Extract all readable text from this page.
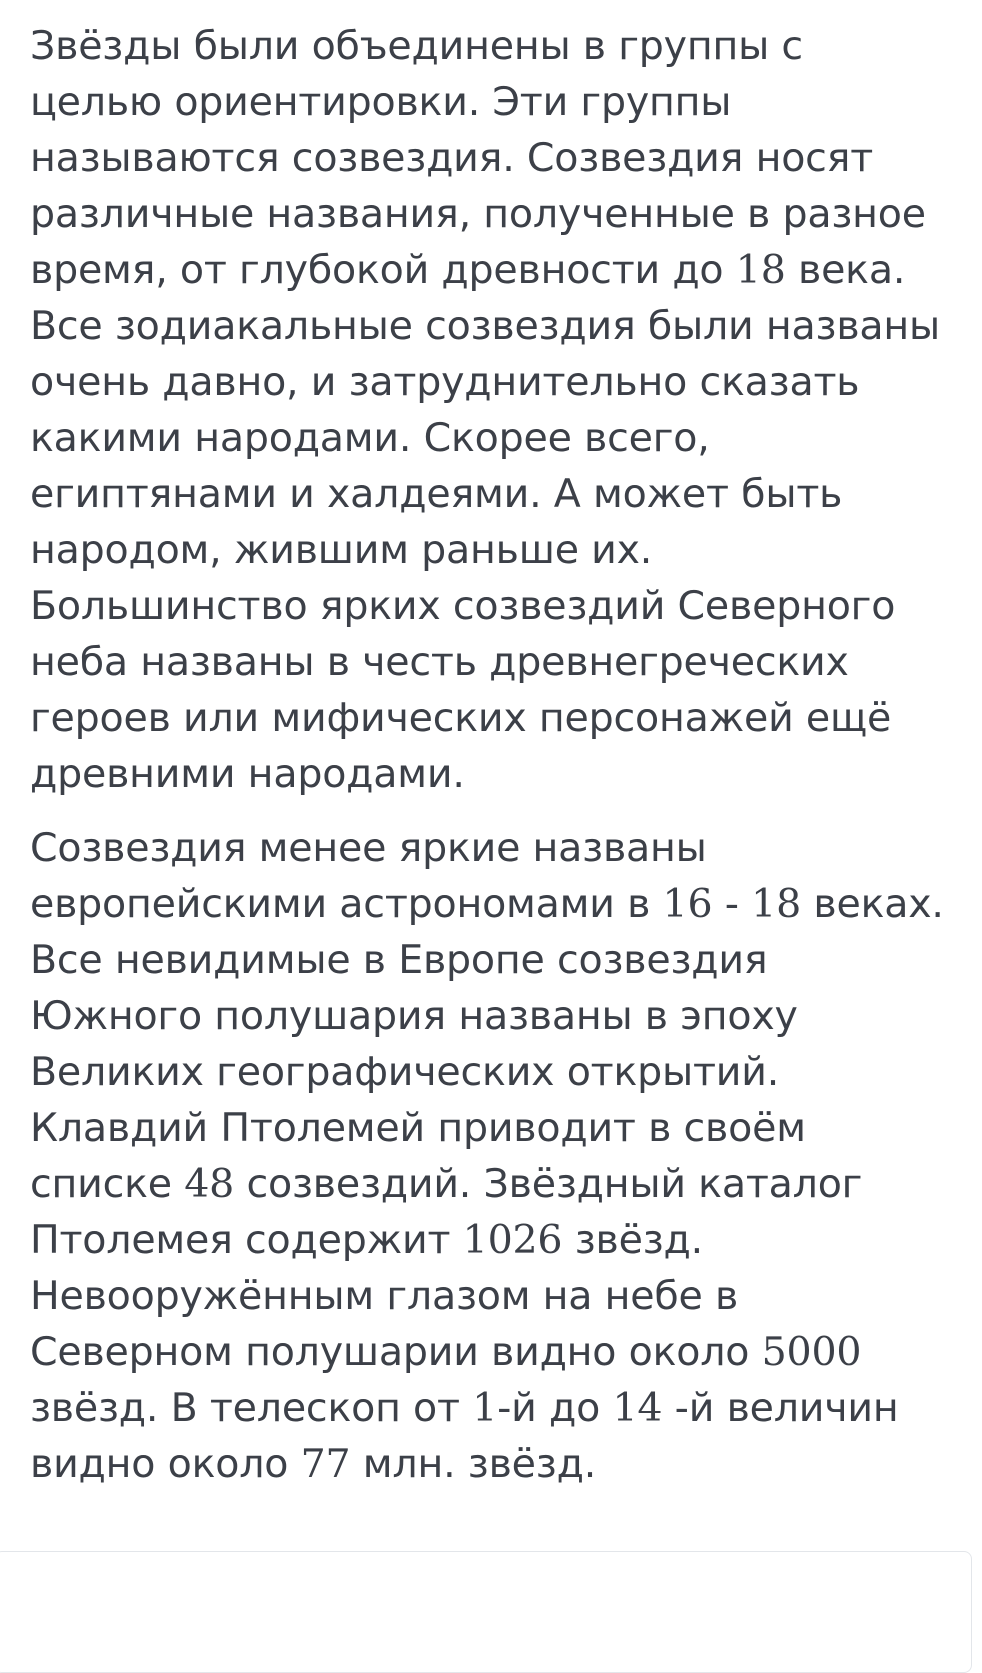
Звёзды были объединены в группы с
целью ориентировки. Эти группы
называются созвездия. Созвездия носят
различные названия, полученные в разное
время, от глубокой древности до 18 века.
Все зодиакальные созвездия были названы
очень давно, и затруднительно сказать
какими народами. Скорее всего,
египтянами и халдеями. А может быть
народом, жившим раньше их.
Большинство ярких созвездий Северного
неба названы в честь древнегреческих
героев или мифических персонажей ещё
древними народами.
Созвездия менее яркие названы
европейскими астрономами в 16 - 18 веках.
Все невидимые в Европе созвездия
Южного полушария названы в эпоху
Великих географических открытий.
Клавдий Птолемей приводит в своём
списке 48 созвездий. Звёздный каталог
Птолемея содержит 1026 звёзд.
Невооружённым глазом на небе в
Северном полушарии видно около 5000
звёзд. В телескоп от 1-й до 14 -й величин
видно около 77 млн. звёзд.
